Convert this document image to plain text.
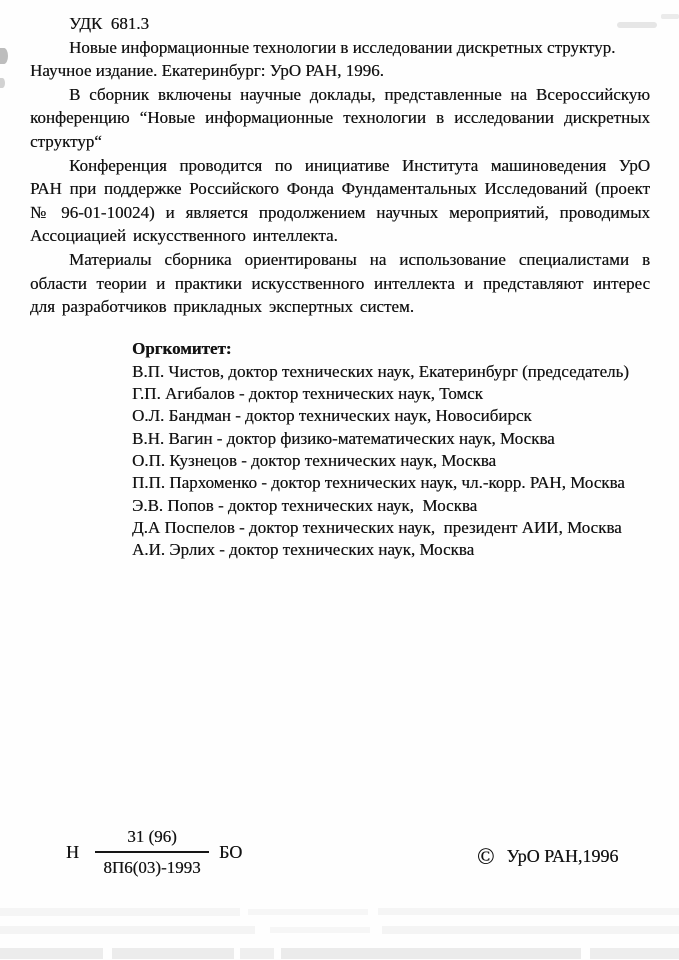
УДК  681.3

Новые информационные технологии в исследовании дискретных структур.

Научное издание. Екатеринбург: УрО РАН, 1996.

В сборник включены научные доклады, представленные на Всероссийскую конференцию “Новые информационные технологии в исследовании дискретных структур“

Конференция проводится по инициативе Института машиноведения УрО РАН при поддержке Российского Фонда Фундаментальных Исследований (проект № 96-01-10024) и является продолжением научных мероприятий, проводимых Ассоциацией искусственного интеллекта.

Материалы сборника ориентированы на использование специалистами в области теории и практики искусственного интеллекта и представляют интерес для разработчиков прикладных экспертных систем.

Оргкомитет:

В.П. Чистов, доктор технических наук, Екатеринбург (председатель)
Г.П. Агибалов - доктор технических наук, Томск
О.Л. Бандман - доктор технических наук, Новосибирск
В.Н. Вагин - доктор физико-математических наук, Москва
О.П. Кузнецов - доктор технических наук, Москва
П.П. Пархоменко - доктор технических наук, чл.-корр. РАН, Москва
Э.В. Попов - доктор технических наук,  Москва
Д.А Поспелов - доктор технических наук,  президент АИИ, Москва
А.И. Эрлих - доктор технических наук, Москва
Н $\frac{31 (96)}{8П6(03)-1993}$ БО	© УрО РАН,1996
